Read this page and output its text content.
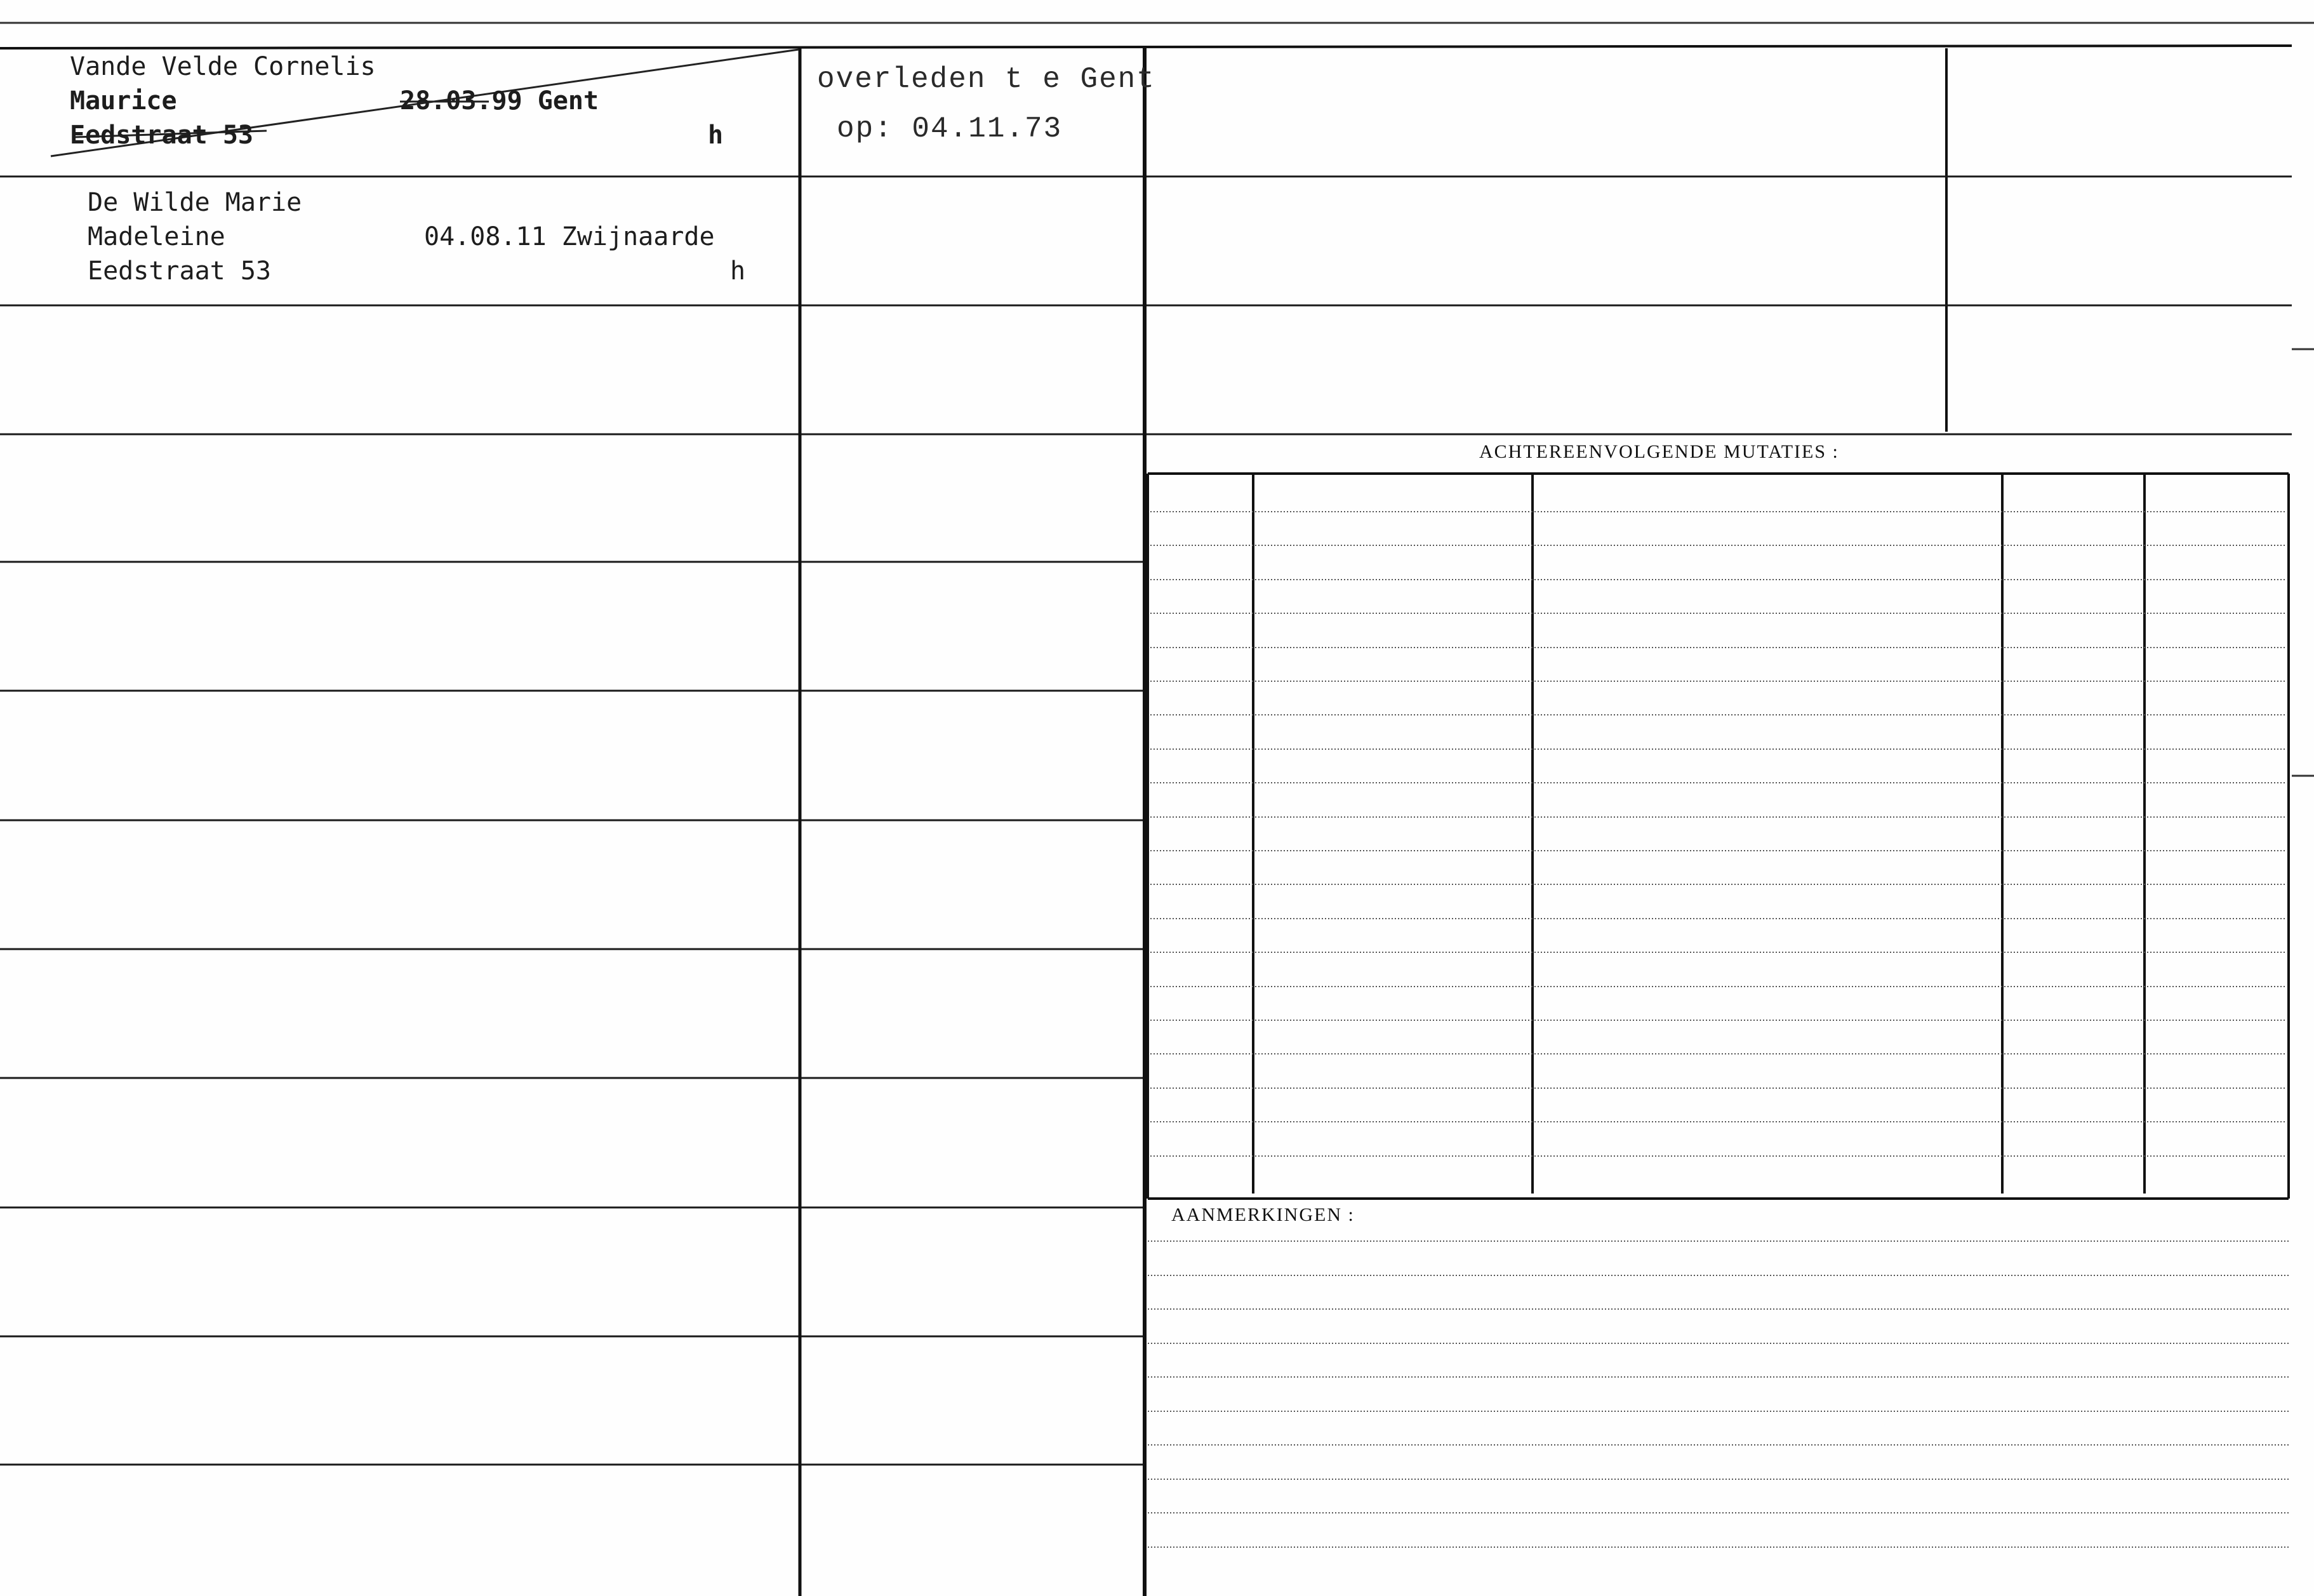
Vande Velde Cornelis
Maurice	28.03.99 Gent
Eedstraat 53	h
overleden t e Gent
op: 04.11.73
De Wilde Marie
Madeleine	04.08.11 Zwijnaarde
Eedstraat 53	h
ACHTEREENVOLGENDE MUTATIES :
AANMERKINGEN :
